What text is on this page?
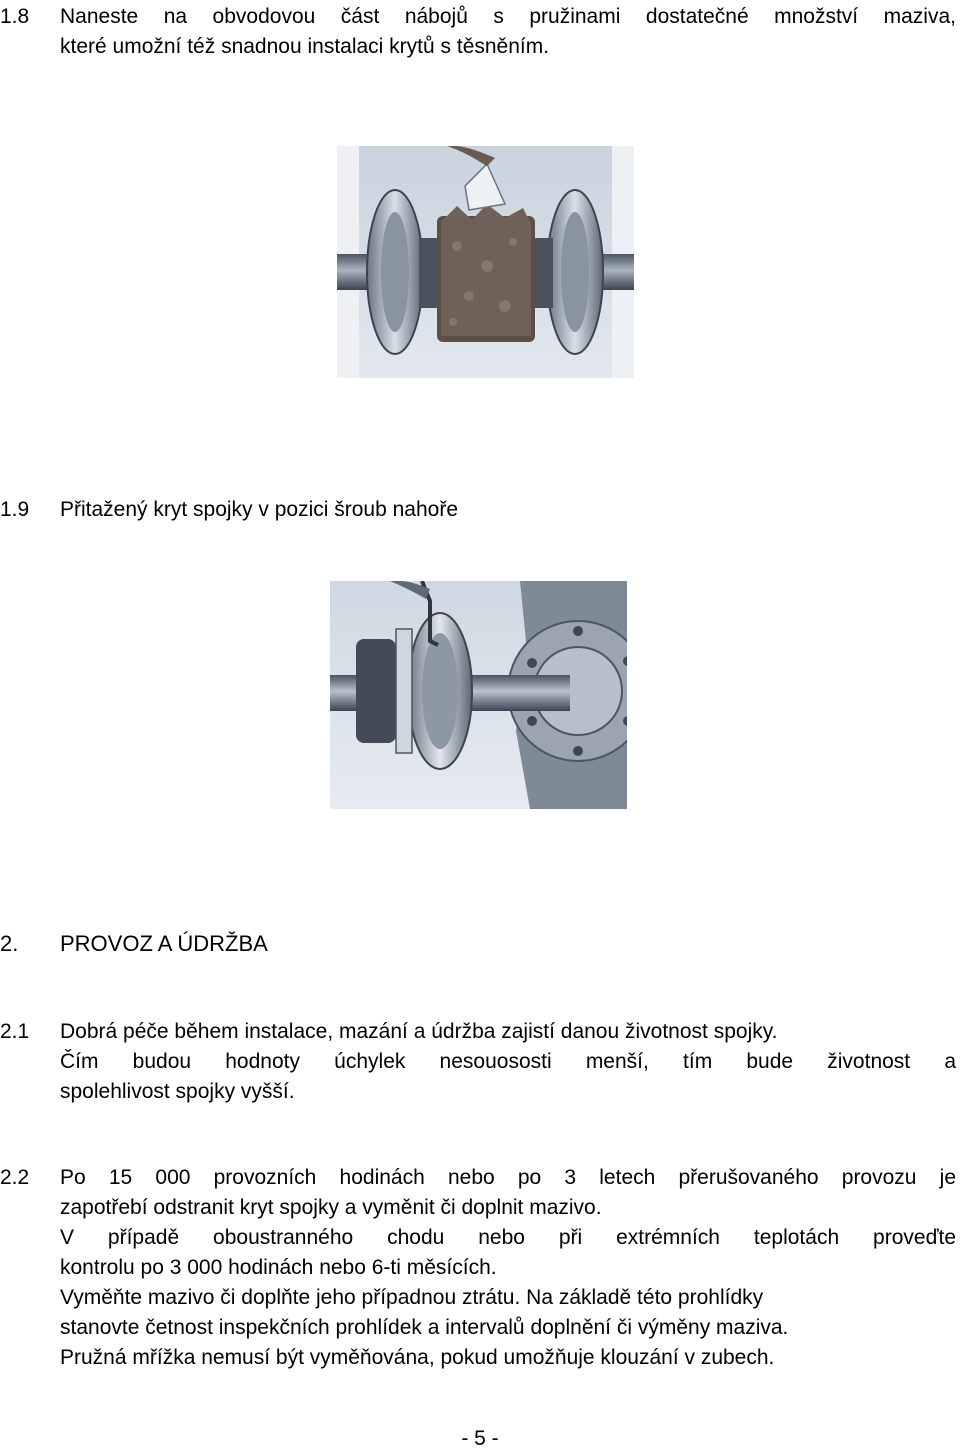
1.8 Naneste na obvodovou část nábojů s pružinami dostatečné množství maziva,
které umožní též snadnou instalaci krytů s těsněním.
1.9 Přitažený kryt spojky v pozici šroub nahoře
2. PROVOZ A ÚDRŽBA
2.1 Dobrá péče během instalace, mazání a údržba zajistí danou životnost spojky.
Čím budou hodnoty úchylek nesouososti menší, tím bude životnost a
spolehlivost spojky vyšší.
2.2 Po 15 000 provozních hodinách nebo po 3 letech přerušovaného provozu je
zapotřebí odstranit kryt spojky a vyměnit či doplnit mazivo.
V případě oboustranného chodu nebo při extrémních teplotách proveďte
kontrolu po 3 000 hodinách nebo 6-ti měsících.
Vyměňte mazivo či doplňte jeho případnou ztrátu. Na základě této prohlídky
stanovte četnost inspekčních prohlídek a intervalů doplnění či výměny maziva.
Pružná mřížka nemusí být vyměňována, pokud umožňuje klouzání v zubech.
- 5 -
